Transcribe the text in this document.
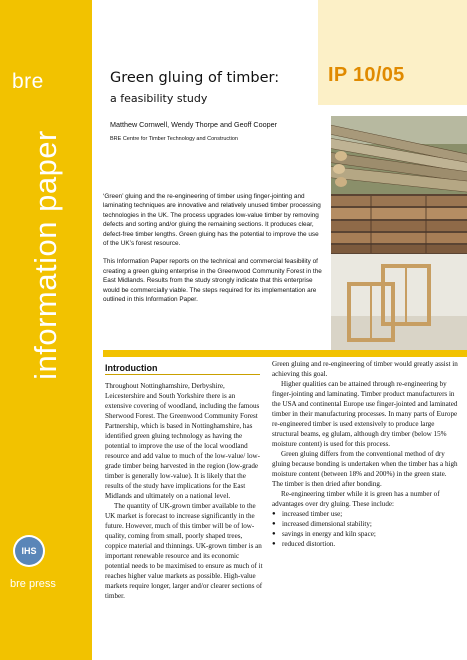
bre
information paper
IHS
bre press
IP 10/05
Green gluing of timber:
a feasibility study
Matthew Cornwell, Wendy Thorpe and Geoff Cooper
BRE Centre for Timber Technology and Construction

‘Green’ gluing and the re-engineering of timber using finger-jointing and laminating techniques are innovative and relatively unused timber processing technologies in the UK. The process upgrades low-value timber by removing defects and sorting and/or gluing the remaining sections. It produces clear, defect-free timber lengths. Green gluing has the potential to improve the use of the UK’s forest resource.

This Information Paper reports on the technical and commercial feasibility of creating a green gluing enterprise in the Greenwood Community Forest in the East Midlands. Results from the study strongly indicate that this enterprise would be commercially viable. The steps required for its implementation are outlined in this Information Paper.

Introduction

Throughout Nottinghamshire, Derbyshire, Leicestershire and South Yorkshire there is an extensive covering of woodland, including the famous Sherwood Forest. The Greenwood Community Forest Partnership, which is based in Nottinghamshire, has identified green gluing technology as having the potential to improve the use of the local woodland resource and add value to much of the low-value/ low-grade timber being harvested in the region (low-grade timber is generally low-value). It is likely that the results of the study have implications for the East Midlands and ultimately on a national level.

The quantity of UK-grown timber available to the UK market is forecast to increase significantly in the future. However, much of this timber will be of low-quality, coming from small, poorly shaped trees, coppice material and thinnings. UK-grown timber is an important renewable resource and its economic potential needs to be maximised to ensure as much of it reaches higher value markets as possible. High-value markets require longer, larger and/or clearer sections of timber.

Green gluing and re-engineering of timber would greatly assist in achieving this goal.

Higher qualities can be attained through re-engineering by finger-jointing and laminating. Timber product manufacturers in the USA and continental Europe use finger-jointed and laminated timber in their manufacturing processes. In many parts of Europe re-engineered timber is used extensively to produce large structural beams, eg glulam, although dry timber (below 15% moisture content) is used for this process.

Green gluing differs from the conventional method of dry gluing because bonding is undertaken when the timber has a high moisture content (between 18% and 200%) in the green state. The timber is then dried after bonding.

Re-engineering timber while it is green has a number of advantages over dry gluing. These include:

● increased timber use;
● increased dimensional stability;
● savings in energy and kiln space;
● reduced distortion.
